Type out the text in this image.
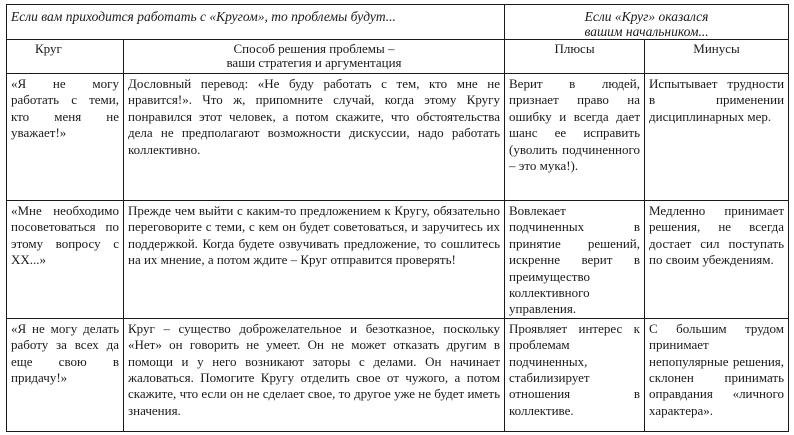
Если вам приходится работать с «Кругом», то проблемы будут...		Если «Круг» оказался
вашим начальником...	

Круг	Способ решения проблемы –
ваши стратегия и аргументация	Плюсы	Минусы
«Я не могу работать с теми, кто меня не уважает!»	Дословный перевод: «Не буду работать с тем, кто мне не нравится!». Что ж, припомните случай, когда этому Кругу понравился этот человек, а потом скажите, что обстоятельства дела не предполагают возможности дискуссии, надо работать коллективно.	Верит в людей, признает право на ошибку и всегда дает шанс ее исправить (уволить подчиненного – это мука!).	Испытывает трудности в применении дисциплинарных мер.
«Мне необходимо посоветоваться по этому вопросу с ХХ...»	Прежде чем выйти с каким-то предложением к Кругу, обязательно переговорите с теми, с кем он будет советоваться, и заручитесь их поддержкой. Когда будете озвучивать предложение, то сошлитесь на их мнение, а потом ждите – Круг отправится проверять!	Вовлекает подчиненных в принятие решений, искренне верит в преимущество коллективного управления.	Медленно принимает решения, не всегда достает сил поступать по своим убеждениям.
«Я не могу делать работу за всех да еще свою в придачу!»	Круг – существо доброжелательное и безотказное, поскольку «Нет» он говорить не умеет. Он не может отказать другим в помощи и у него возникают заторы с делами. Он начинает жаловаться. Помогите Кругу отделить свое от чужого, а потом скажите, что если он не сделает свое, то другое уже не будет иметь значения.	Проявляет интерес к проблемам подчиненных, стабилизирует отношения в коллективе.	С большим трудом принимает непопулярные решения, склонен принимать оправдания «личного характера».
